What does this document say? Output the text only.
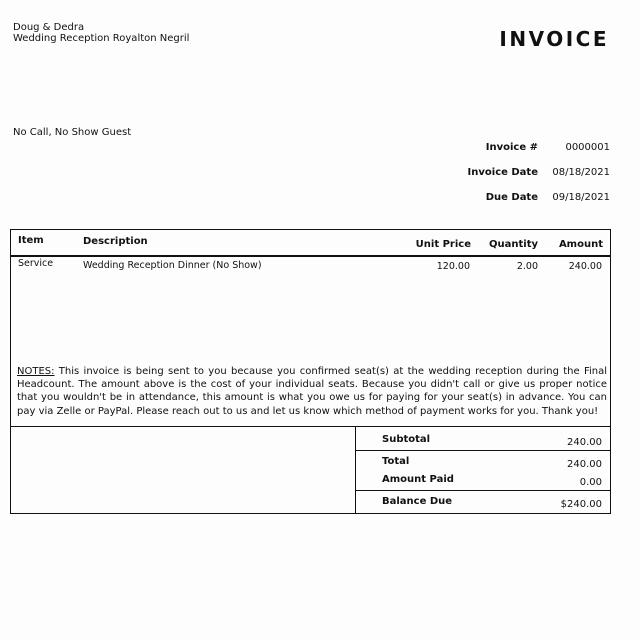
Doug & Dedra
Wedding Reception Royalton Negril	INVOICE
No Call, No Show Guest
Invoice #	0000001
Invoice Date 08/18/2021
Due Date 09/18/2021
Item	Description	Unit Price Quantity Amount
Service	Wedding Reception Dinner (No Show)	120.00	2.00	240.00
NOTES: This invoice is being sent to you because you confirmed seat(s) at the wedding reception during the Final Headcount. The amount above is the cost of your individual seats. Because you didn't call or give us proper notice that you wouldn't be in attendance, this amount is what you owe us for paying for your seat(s) in advance. You can pay via Zelle or PayPal. Please reach out to us and let us know which method of payment works for you. Thank you!
Subtotal	240.00
Total	240.00
Amount Paid	0.00
Balance Due	$240.00
